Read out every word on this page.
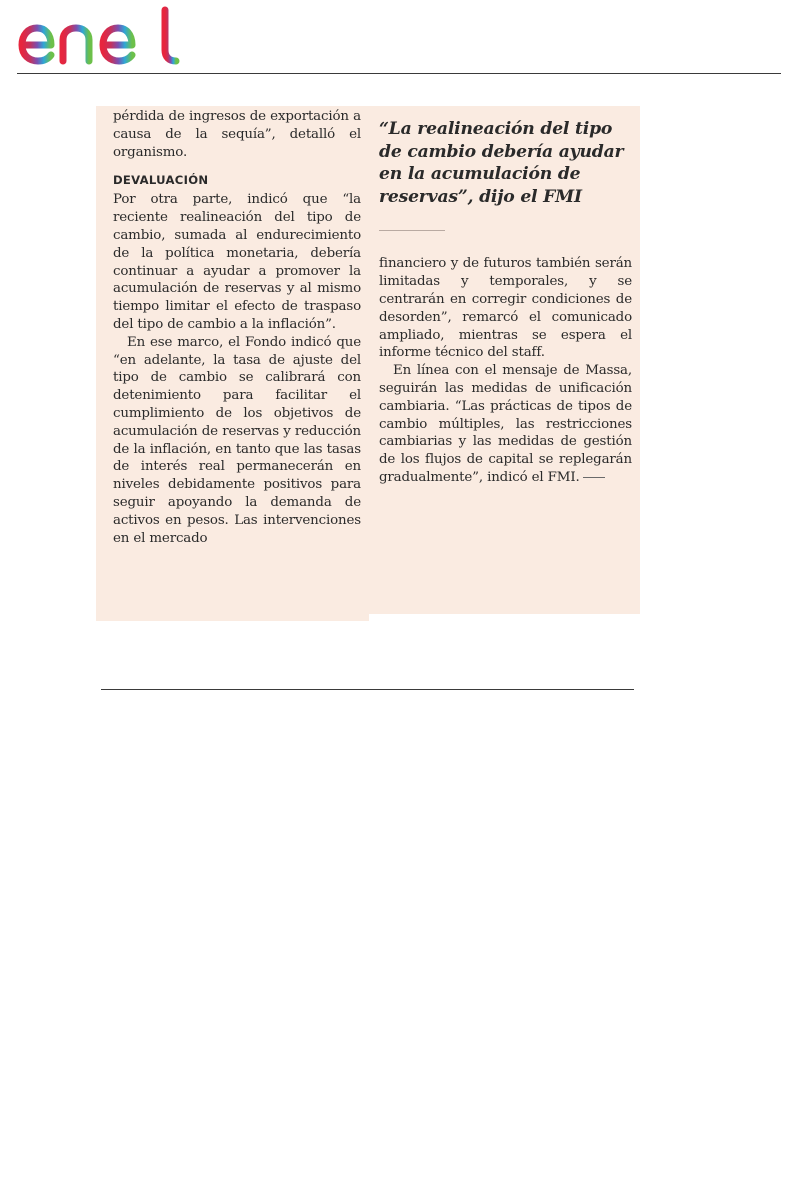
pérdida de ingresos de exportación a causa de la sequía”, detalló el organismo.

DEVALUACIÓN

Por otra parte, indicó que “la reciente realineación del tipo de cambio, sumada al endurecimiento de la política monetaria, debería continuar a ayudar a promover la acumulación de reservas y al mismo tiempo limitar el efecto de traspaso del tipo de cambio a la inflación”.

En ese marco, el Fondo indicó que “en adelante, la tasa de ajuste del tipo de cambio se calibrará con detenimiento para facilitar el cumplimiento de los objetivos de acumulación de reservas y reducción de la inflación, en tanto que las tasas de interés real permanecerán en niveles debidamente positivos para seguir apoyando la demanda de activos en pesos. Las intervenciones en el mercado

“La realineación del tipo de cambio debería ayudar en la acumulación de reservas”, dijo el FMI

financiero y de futuros también serán limitadas y temporales, y se centrarán en corregir condiciones de desorden”, remarcó el comunicado ampliado, mientras se espera el informe técnico del staff.

En línea con el mensaje de Massa, seguirán las medidas de unificación cambiaria. “Las prácticas de tipos de cambio múltiples, las restricciones cambiarias y las medidas de gestión de los flujos de capital se replegarán gradualmente”, indicó el FMI.
